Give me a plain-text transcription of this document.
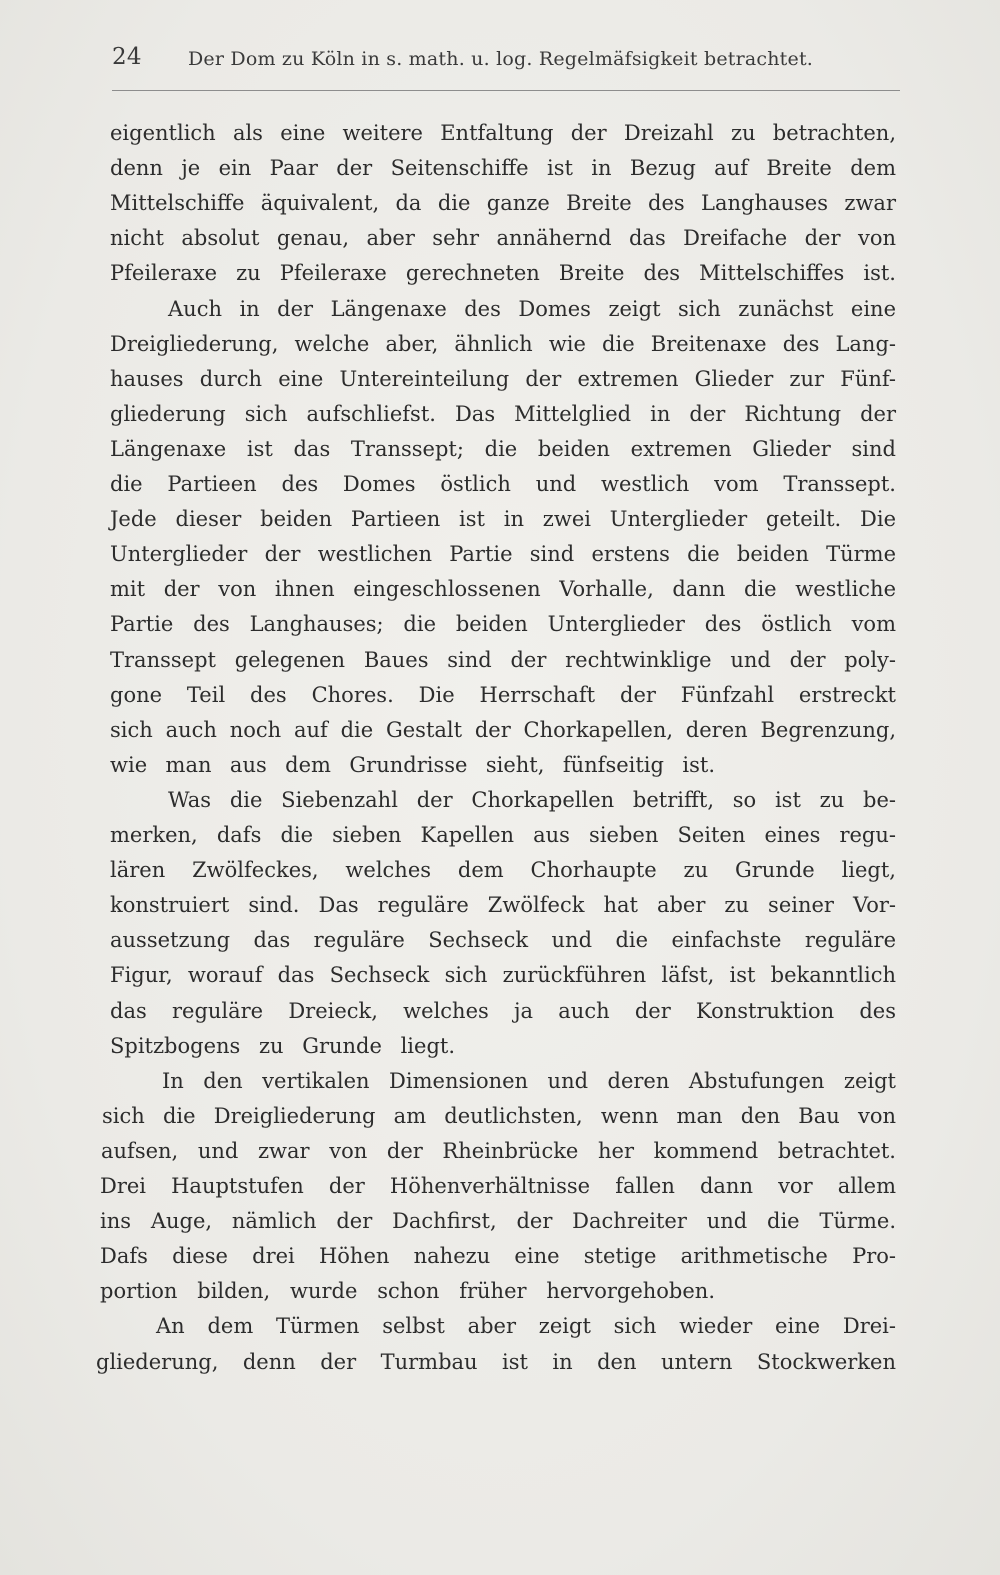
24 Der Dom zu Köln in s. math. u. log. Regelmäfsigkeit betrachtet.
eigentlich als eine weitere Entfaltung der Dreizahl zu betrachten,
denn je ein Paar der Seitenschiffe ist in Bezug auf Breite dem
Mittelschiffe äquivalent, da die ganze Breite des Langhauses zwar
nicht absolut genau, aber sehr annähernd das Dreifache der von
Pfeileraxe zu Pfeileraxe gerechneten Breite des Mittelschiffes ist.
Auch in der Längenaxe des Domes zeigt sich zunächst eine
Dreigliederung, welche aber, ähnlich wie die Breitenaxe des Lang-
hauses durch eine Untereinteilung der extremen Glieder zur Fünf-
gliederung sich aufschliefst. Das Mittelglied in der Richtung der
Längenaxe ist das Transsept; die beiden extremen Glieder sind
die Partieen des Domes östlich und westlich vom Transsept.
Jede dieser beiden Partieen ist in zwei Unterglieder geteilt. Die
Unterglieder der westlichen Partie sind erstens die beiden Türme
mit der von ihnen eingeschlossenen Vorhalle, dann die westliche
Partie des Langhauses; die beiden Unterglieder des östlich vom
Transsept gelegenen Baues sind der rechtwinklige und der poly-
gone Teil des Chores. Die Herrschaft der Fünfzahl erstreckt
sich auch noch auf die Gestalt der Chorkapellen, deren Begrenzung,
wie man aus dem Grundrisse sieht, fünfseitig ist.
Was die Siebenzahl der Chorkapellen betrifft, so ist zu be-
merken, dafs die sieben Kapellen aus sieben Seiten eines regu-
lären Zwölfeckes, welches dem Chorhaupte zu Grunde liegt,
konstruiert sind. Das reguläre Zwölfeck hat aber zu seiner Vor-
aussetzung das reguläre Sechseck und die einfachste reguläre
Figur, worauf das Sechseck sich zurückführen läfst, ist bekanntlich
das reguläre Dreieck, welches ja auch der Konstruktion des
Spitzbogens zu Grunde liegt.
In den vertikalen Dimensionen und deren Abstufungen zeigt
sich die Dreigliederung am deutlichsten, wenn man den Bau von
aufsen, und zwar von der Rheinbrücke her kommend betrachtet.
Drei Hauptstufen der Höhenverhältnisse fallen dann vor allem
ins Auge, nämlich der Dachfirst, der Dachreiter und die Türme.
Dafs diese drei Höhen nahezu eine stetige arithmetische Pro-
portion bilden, wurde schon früher hervorgehoben.
An dem Türmen selbst aber zeigt sich wieder eine Drei-
gliederung, denn der Turmbau ist in den untern Stockwerken
